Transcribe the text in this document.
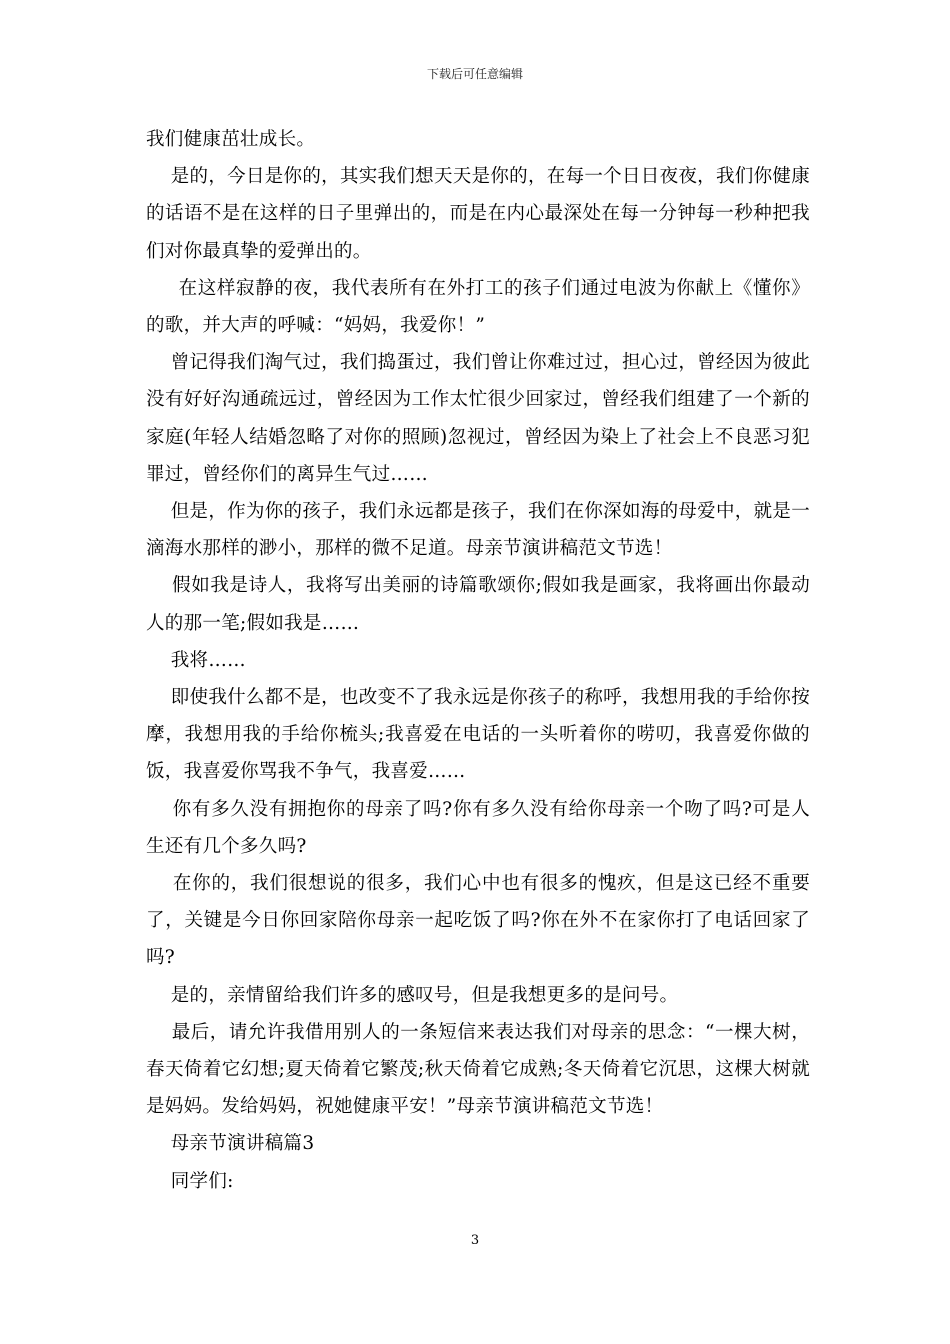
下载后可任意编辑

我们健康茁壮成长。

是的，今日是你的，其实我们想天天是你的，在每一个日日夜夜，我们你健康的话语不是在这样的日子里弹出的，而是在内心最深处在每一分钟每一秒种把我们对你最真挚的爱弹出的。

在这样寂静的夜，我代表所有在外打工的孩子们通过电波为你献上《懂你》的歌，并大声的呼喊：“妈妈，我爱你！”

曾记得我们淘气过，我们捣蛋过，我们曾让你难过过，担心过，曾经因为彼此没有好好沟通疏远过，曾经因为工作太忙很少回家过，曾经我们组建了一个新的家庭(年轻人结婚忽略了对你的照顾)忽视过，曾经因为染上了社会上不良恶习犯罪过，曾经你们的离异生气过……

但是，作为你的孩子，我们永远都是孩子，我们在你深如海的母爱中，就是一滴海水那样的渺小，那样的微不足道。母亲节演讲稿范文节选！

假如我是诗人，我将写出美丽的诗篇歌颂你;假如我是画家，我将画出你最动人的那一笔;假如我是……

我将……

即使我什么都不是，也改变不了我永远是你孩子的称呼，我想用我的手给你按摩，我想用我的手给你梳头;我喜爱在电话的一头听着你的唠叨，我喜爱你做的饭，我喜爱你骂我不争气，我喜爱……

你有多久没有拥抱你的母亲了吗?你有多久没有给你母亲一个吻了吗?可是人生还有几个多久吗?

在你的，我们很想说的很多，我们心中也有很多的愧疚，但是这已经不重要了，关键是今日你回家陪你母亲一起吃饭了吗?你在外不在家你打了电话回家了吗?

是的，亲情留给我们许多的感叹号，但是我想更多的是问号。

最后，请允许我借用别人的一条短信来表达我们对母亲的思念：“一棵大树，春天倚着它幻想;夏天倚着它繁茂;秋天倚着它成熟;冬天倚着它沉思，这棵大树就是妈妈。发给妈妈，祝她健康平安！”母亲节演讲稿范文节选！

母亲节演讲稿篇3

同学们:

3
